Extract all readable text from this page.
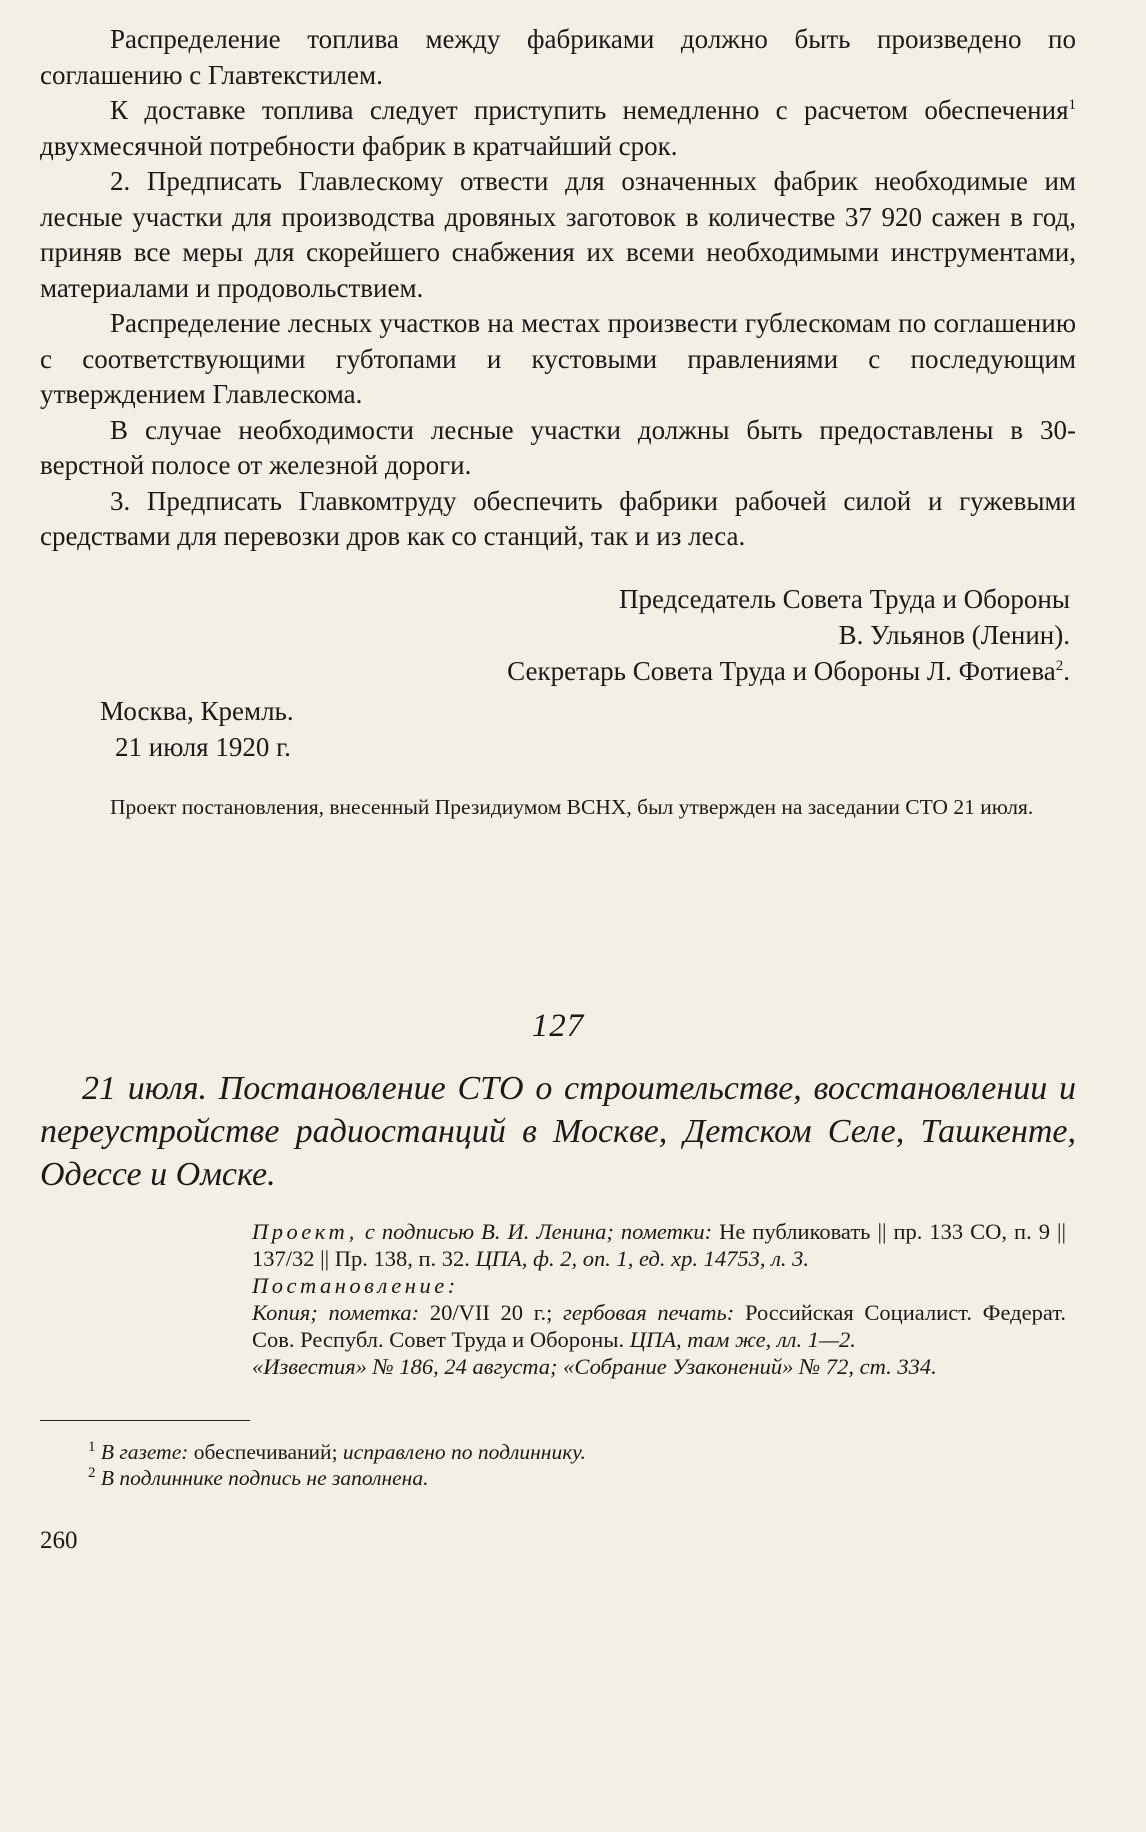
Распределение топлива между фабриками должно быть произведено по соглашению с Главтекстилем.

К доставке топлива следует приступить немедленно с расчетом обеспечения$^1$ двухмесячной потребности фабрик в кратчайший срок.

2. Предписать Главлескому отвести для означенных фабрик необходимые им лесные участки для производства дровяных заготовок в количестве 37 920 сажен в год, приняв все меры для скорейшего снабжения их всеми необходимыми инструментами, материалами и продовольствием.

Распределение лесных участков на местах произвести гублескомам по соглашению с соответствующими губтопами и кустовыми правлениями с последующим утверждением Главлескома.

В случае необходимости лесные участки должны быть предоставлены в 30-верстной полосе от железной дороги.

3. Предписать Главкомтруду обеспечить фабрики рабочей силой и гужевыми средствами для перевозки дров как со станций, так и из леса.

Председатель Совета Труда и Обороны

В. Ульянов (Ленин).

Секретарь Совета Труда и Обороны Л. Фотиева$^2$.

Москва, Кремль.

21 июля 1920 г.

Проект постановления, внесенный Президиумом ВСНХ, был утвержден на заседании СТО 21 июля.

127

21 июля. Постановление СТО о строительстве, восстановлении и переустройстве радиостанций в Москве, Детском Селе, Ташкенте, Одессе и Омске.

Проект, с подписью В. И. Ленина; пометки: Не публиковать || пр. 133 СО, п. 9 || 137/32 || Пр. 138, п. 32. ЦПА, ф. 2, оп. 1, ед. хр. 14753, л. 3.

Постановление:

Копия; пометка: 20/VII 20 г.; гербовая печать: Российская Социалист. Федерат. Сов. Республ. Совет Труда и Обороны. ЦПА, там же, лл. 1—2.

«Известия» № 186, 24 августа; «Собрание Узаконений» № 72, ст. 334.

$^1$ В газете: обеспечиваний; исправлено по подлиннику.

$^2$ В подлиннике подпись не заполнена.

260
